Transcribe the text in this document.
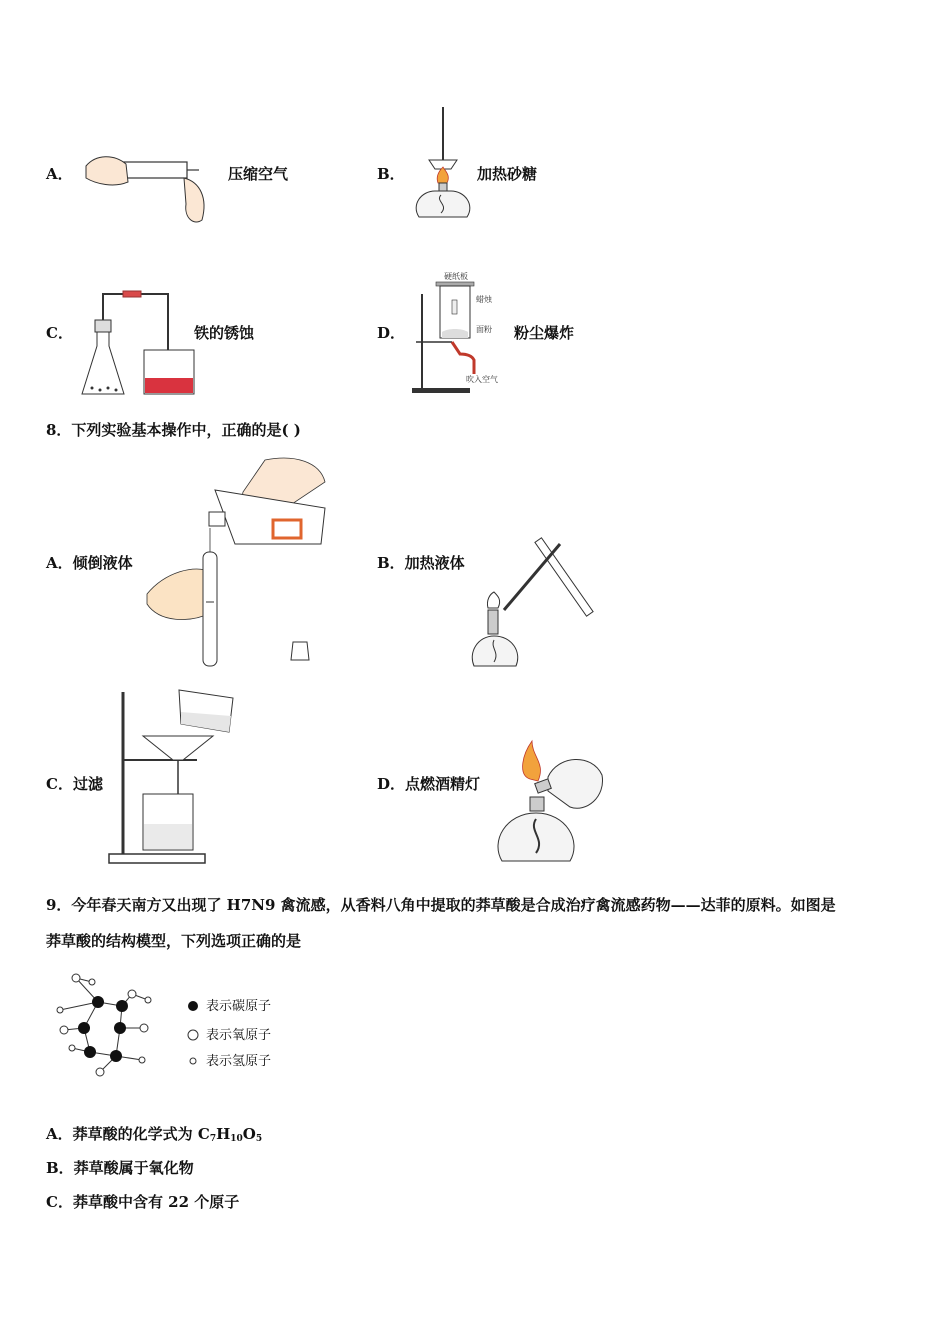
A．	压缩空气	B．	加热砂糖
C．	铁的锈蚀	D．
硬纸板
蜡烛
面粉
吹入空气
粉尘爆炸
8．下列实验基本操作中，正确的是( )
A．倾倒液体	B．加热液体
C．过滤	D．点燃酒精灯
9．今年春天南方又出现了 H7N9 禽流感，从香料八角中提取的莽草酸是合成治疗禽流感药物——达菲的原料。如图是
莽草酸的结构模型，下列选项正确的是
表示碳原子
表示氧原子
表示氢原子
A．莽草酸的化学式为 $C_7H_{10}O_5$
B．莽草酸属于氧化物
C．莽草酸中含有 22 个原子
